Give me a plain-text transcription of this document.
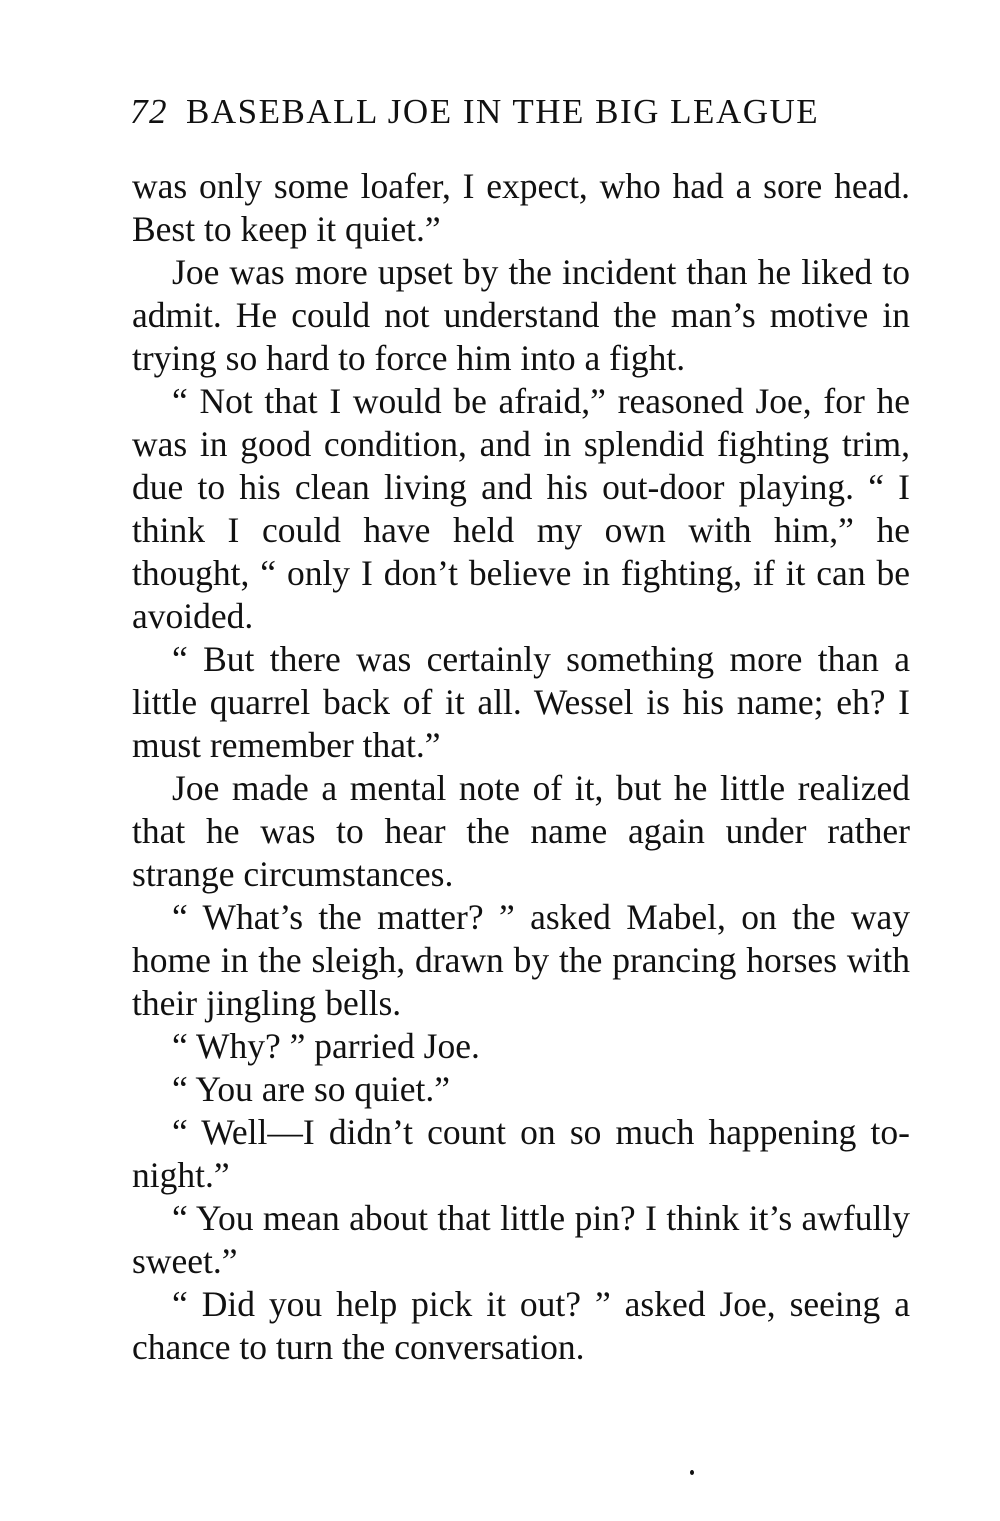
72 BASEBALL JOE IN THE BIG LEAGUE

was only some loafer, I expect, who had a sore head. Best to keep it quiet.”

Joe was more upset by the incident than he liked to admit. He could not understand the man’s motive in trying so hard to force him into a fight.

“ Not that I would be afraid,” reasoned Joe, for he was in good condition, and in splendid fighting trim, due to his clean living and his out-door playing. “ I think I could have held my own with him,” he thought, “ only I don’t believe in fighting, if it can be avoided.

“ But there was certainly something more than a little quarrel back of it all. Wessel is his name; eh? I must remember that.”

Joe made a mental note of it, but he little realized that he was to hear the name again under rather strange circumstances.

“ What’s the matter? ” asked Mabel, on the way home in the sleigh, drawn by the prancing horses with their jingling bells.

“ Why? ” parried Joe.

“ You are so quiet.”

“ Well—I didn’t count on so much happening to-night.”

“ You mean about that little pin? I think it’s awfully sweet.”

“ Did you help pick it out? ” asked Joe, seeing a chance to turn the conversation.
